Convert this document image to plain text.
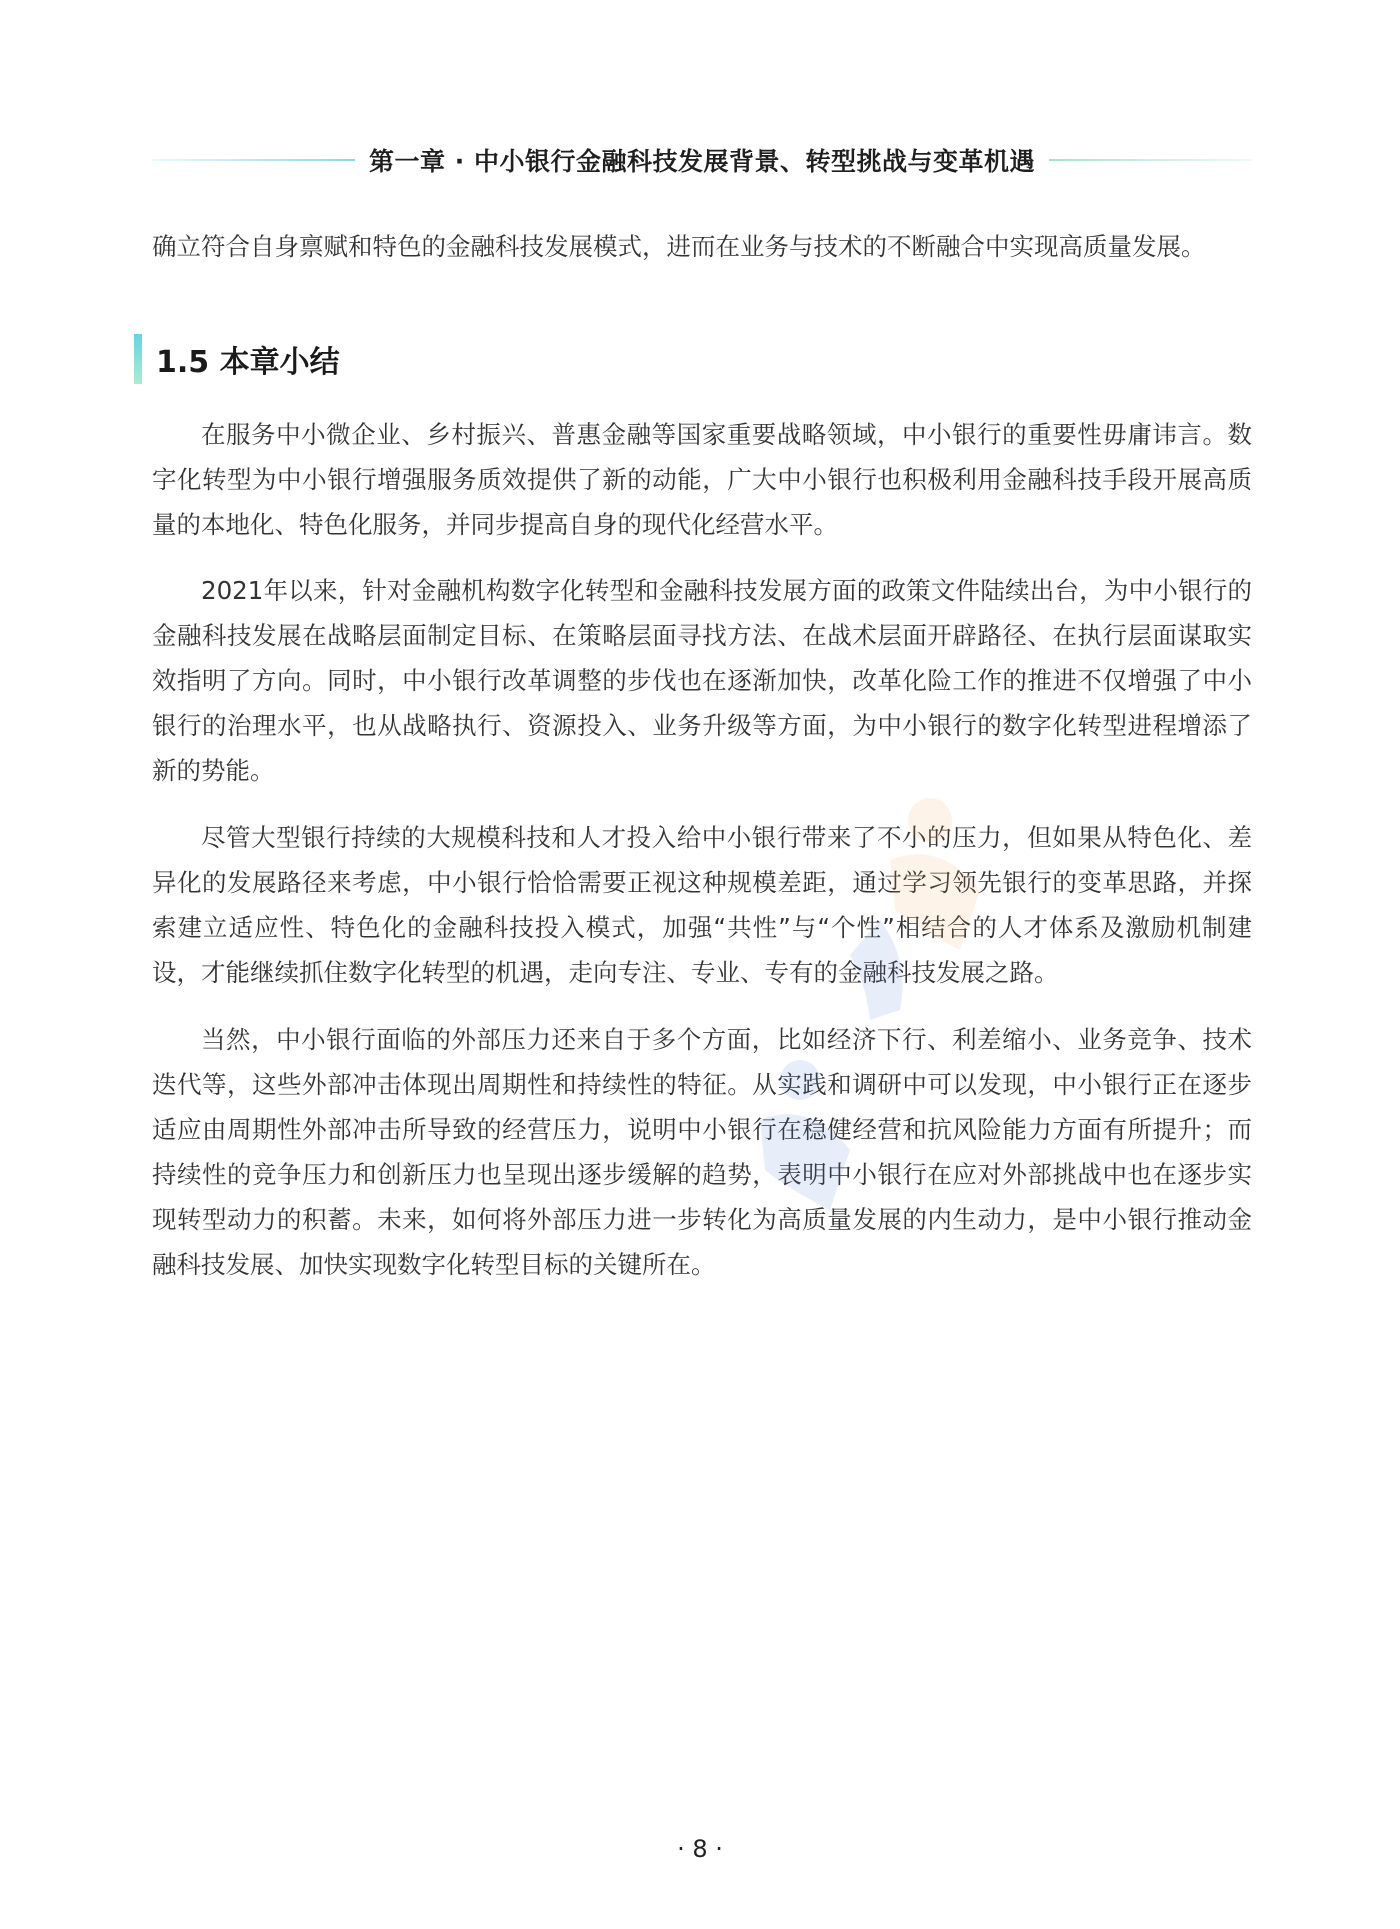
第一章 · 中小银行金融科技发展背景、转型挑战与变革机遇

确立符合自身禀赋和特色的金融科技发展模式，进而在业务与技术的不断融合中实现高质量发展。

1.5 本章小结

在服务中小微企业、乡村振兴、普惠金融等国家重要战略领域，中小银行的重要性毋庸讳言。数字化转型为中小银行增强服务质效提供了新的动能，广大中小银行也积极利用金融科技手段开展高质量的本地化、特色化服务，并同步提高自身的现代化经营水平。

2021年以来，针对金融机构数字化转型和金融科技发展方面的政策文件陆续出台，为中小银行的金融科技发展在战略层面制定目标、在策略层面寻找方法、在战术层面开辟路径、在执行层面谋取实效指明了方向。同时，中小银行改革调整的步伐也在逐渐加快，改革化险工作的推进不仅增强了中小银行的治理水平，也从战略执行、资源投入、业务升级等方面，为中小银行的数字化转型进程增添了新的势能。

尽管大型银行持续的大规模科技和人才投入给中小银行带来了不小的压力，但如果从特色化、差异化的发展路径来考虑，中小银行恰恰需要正视这种规模差距，通过学习领先银行的变革思路，并探索建立适应性、特色化的金融科技投入模式，加强“共性”与“个性”相结合的人才体系及激励机制建设，才能继续抓住数字化转型的机遇，走向专注、专业、专有的金融科技发展之路。

当然，中小银行面临的外部压力还来自于多个方面，比如经济下行、利差缩小、业务竞争、技术迭代等，这些外部冲击体现出周期性和持续性的特征。从实践和调研中可以发现，中小银行正在逐步适应由周期性外部冲击所导致的经营压力，说明中小银行在稳健经营和抗风险能力方面有所提升；而持续性的竞争压力和创新压力也呈现出逐步缓解的趋势，表明中小银行在应对外部挑战中也在逐步实现转型动力的积蓄。未来，如何将外部压力进一步转化为高质量发展的内生动力，是中小银行推动金融科技发展、加快实现数字化转型目标的关键所在。

· 8 ·
